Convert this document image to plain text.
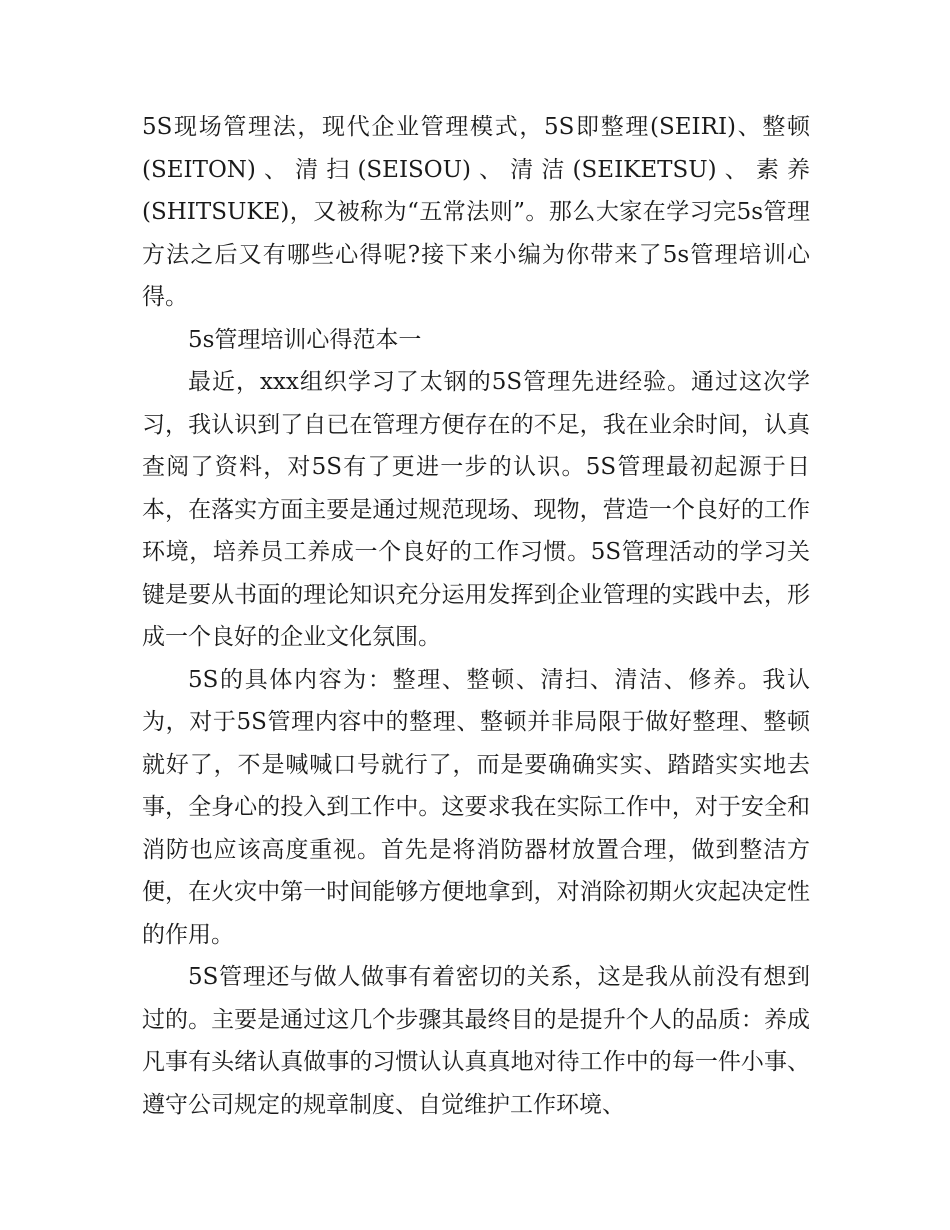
5S现场管理法，现代企业管理模式，5S即整理(SEIRI)、整顿(SEITON)、清扫(SEISOU)、清洁(SEIKETSU)、素养(SHITSUKE)，又被称为“五常法则”。那么大家在学习完5s管理方法之后又有哪些心得呢?接下来小编为你带来了5s管理培训心得。

5s管理培训心得范本一

最近，xxx组织学习了太钢的5S管理先进经验。通过这次学习，我认识到了自已在管理方便存在的不足，我在业余时间，认真查阅了资料，对5S有了更进一步的认识。5S管理最初起源于日本，在落实方面主要是通过规范现场、现物，营造一个良好的工作环境，培养员工养成一个良好的工作习惯。5S管理活动的学习关键是要从书面的理论知识充分运用发挥到企业管理的实践中去，形成一个良好的企业文化氛围。

5S的具体内容为：整理、整顿、清扫、清洁、修养。我认为，对于5S管理内容中的整理、整顿并非局限于做好整理、整顿就好了，不是喊喊口号就行了，而是要确确实实、踏踏实实地去事，全身心的投入到工作中。这要求我在实际工作中，对于安全和消防也应该高度重视。首先是将消防器材放置合理，做到整洁方便，在火灾中第一时间能够方便地拿到，对消除初期火灾起决定性的作用。

5S管理还与做人做事有着密切的关系，这是我从前没有想到过的。主要是通过这几个步骤其最终目的是提升个人的品质：养成凡事有头绪认真做事的习惯认认真真地对待工作中的每一件小事、遵守公司规定的规章制度、自觉维护工作环境、
